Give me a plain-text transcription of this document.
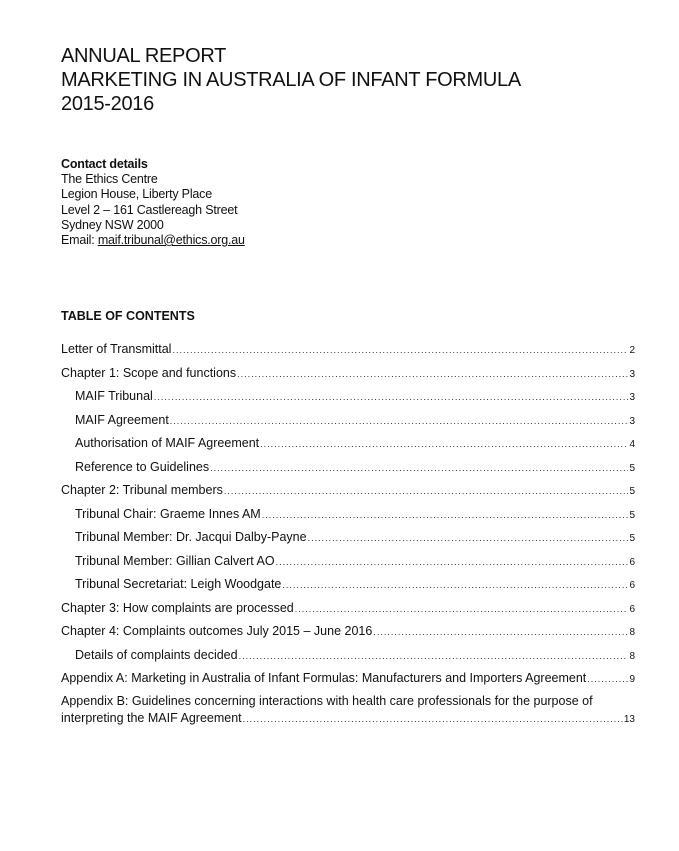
ANNUAL REPORT
MARKETING IN AUSTRALIA OF INFANT FORMULA
2015-2016
Contact details
The Ethics Centre
Legion House, Liberty Place
Level 2 – 161 Castlereagh Street
Sydney NSW 2000
Email: maif.tribunal@ethics.org.au
TABLE OF CONTENTS
Letter of Transmittal .....	2
Chapter 1: Scope and functions .....	3
MAIF Tribunal .....	3
MAIF Agreement .....	3
Authorisation of MAIF Agreement .....	4
Reference to Guidelines .....	5
Chapter 2: Tribunal members .....	5
Tribunal Chair: Graeme Innes AM .....	5
Tribunal Member: Dr. Jacqui Dalby-Payne .....	5
Tribunal Member: Gillian Calvert AO .....	6
Tribunal Secretariat: Leigh Woodgate .....	6
Chapter 3: How complaints are processed .....	6
Chapter 4: Complaints outcomes July 2015 – June 2016 .....	8
Details of complaints decided .....	8
Appendix A: Marketing in Australia of Infant Formulas: Manufacturers and Importers Agreement .....	9
Appendix B: Guidelines concerning interactions with health care professionals for the purpose of
interpreting the MAIF Agreement .....	13
